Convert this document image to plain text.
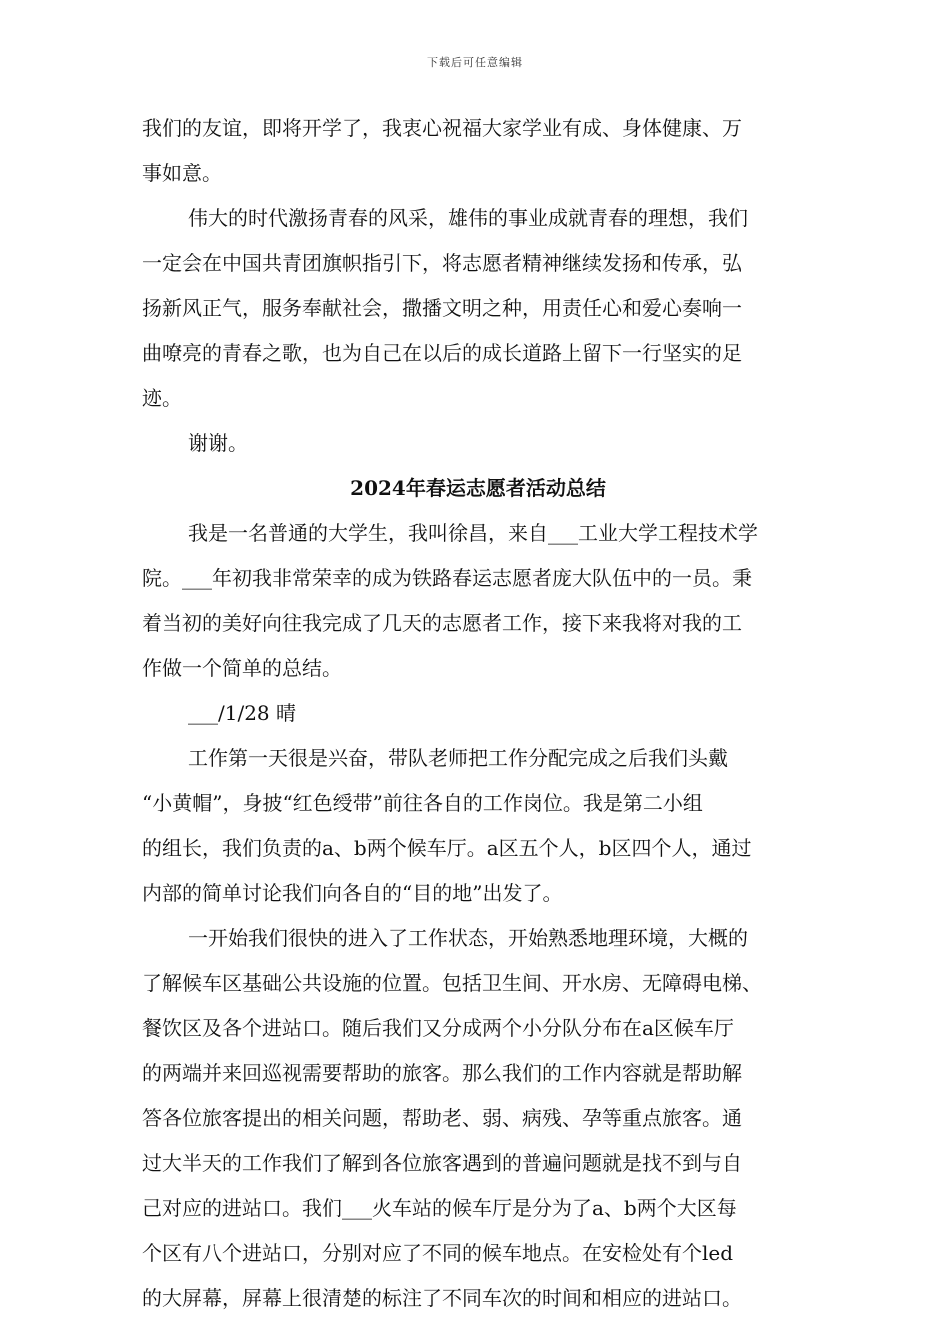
下载后可任意编辑
我们的友谊，即将开学了，我衷心祝福大家学业有成、身体健康、万
事如意。
伟大的时代激扬青春的风采，雄伟的事业成就青春的理想，我们
一定会在中国共青团旗帜指引下，将志愿者精神继续发扬和传承，弘
扬新风正气，服务奉献社会，撒播文明之种，用责任心和爱心奏响一
曲嘹亮的青春之歌，也为自己在以后的成长道路上留下一行坚实的足
迹。
谢谢。
2024年春运志愿者活动总结
我是一名普通的大学生，我叫徐昌，来自___工业大学工程技术学
院。___年初我非常荣幸的成为铁路春运志愿者庞大队伍中的一员。秉
着当初的美好向往我完成了几天的志愿者工作，接下来我将对我的工
作做一个简单的总结。
___/1/28 晴
工作第一天很是兴奋，带队老师把工作分配完成之后我们头戴
“小黄帽”，身披“红色绶带”前往各自的工作岗位。我是第二小组
的组长，我们负责的a、b两个候车厅。a区五个人，b区四个人，通过
内部的简单讨论我们向各自的“目的地”出发了。
一开始我们很快的进入了工作状态，开始熟悉地理环境，大概的
了解候车区基础公共设施的位置。包括卫生间、开水房、无障碍电梯、
餐饮区及各个进站口。随后我们又分成两个小分队分布在a区候车厅
的两端并来回巡视需要帮助的旅客。那么我们的工作内容就是帮助解
答各位旅客提出的相关问题，帮助老、弱、病残、孕等重点旅客。通
过大半天的工作我们了解到各位旅客遇到的普遍问题就是找不到与自
己对应的进站口。我们___火车站的候车厅是分为了a、b两个大区每
个区有八个进站口，分别对应了不同的候车地点。在安检处有个led
的大屏幕，屏幕上很清楚的标注了不同车次的时间和相应的进站口。
